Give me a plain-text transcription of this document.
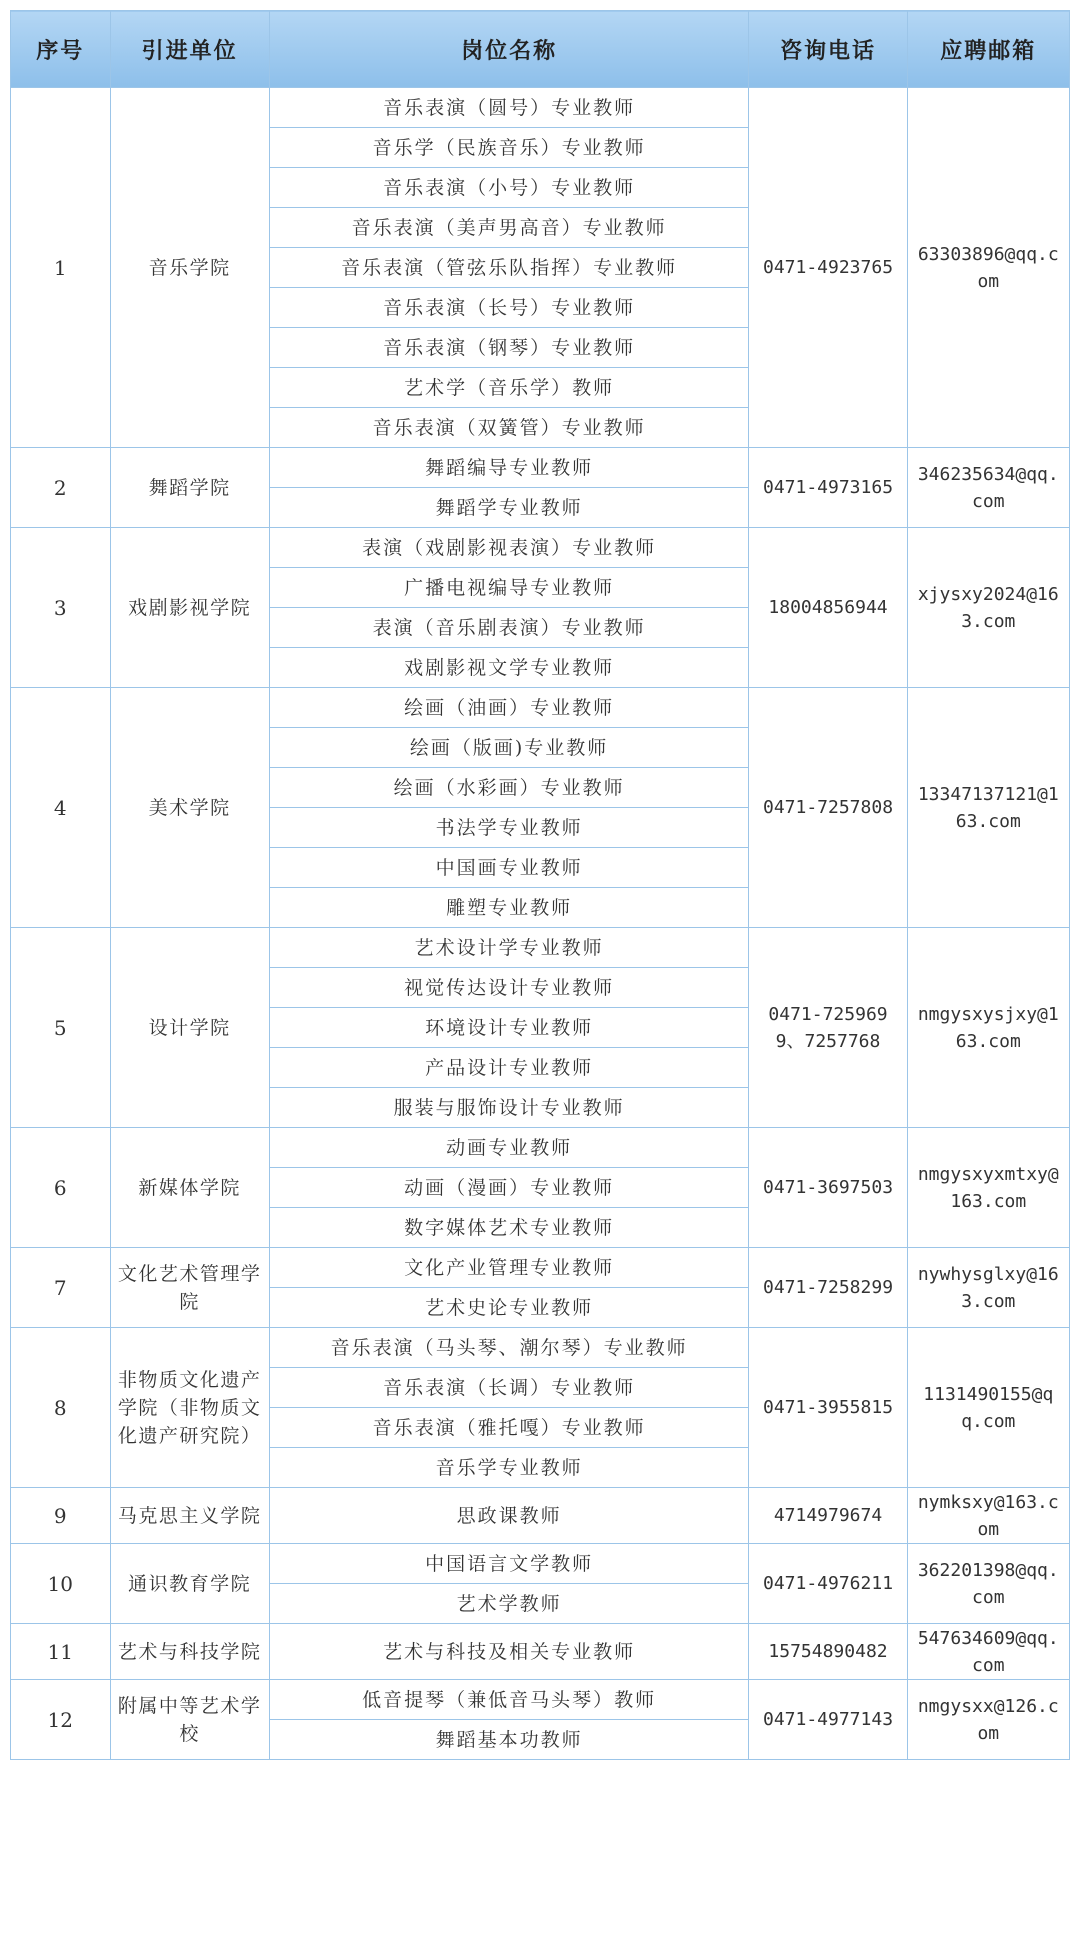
序号	引进单位	岗位名称	咨询电话	应聘邮箱
1	音乐学院	音乐表演（圆号）专业教师	0471-4923765	63303896@qq.com
		音乐学（民族音乐）专业教师		
		音乐表演（小号）专业教师		
		音乐表演（美声男高音）专业教师		
		音乐表演（管弦乐队指挥）专业教师		
		音乐表演（长号）专业教师		
		音乐表演（钢琴）专业教师		
		艺术学（音乐学）教师		
		音乐表演（双簧管）专业教师		
2	舞蹈学院	舞蹈编导专业教师	0471-4973165	346235634@qq.com
		舞蹈学专业教师		
3	戏剧影视学院	表演（戏剧影视表演）专业教师	18004856944	xjysxy2024@163.com
		广播电视编导专业教师		
		表演（音乐剧表演）专业教师		
		戏剧影视文学专业教师		
4	美术学院	绘画（油画）专业教师	0471-7257808	13347137121@163.com
		绘画（版画)专业教师		
		绘画（水彩画）专业教师		
		书法学专业教师		
		中国画专业教师		
		雕塑专业教师		
5	设计学院	艺术设计学专业教师	0471-7259699、7257768	nmgysxysjxy@163.com
		视觉传达设计专业教师		
		环境设计专业教师		
		产品设计专业教师		
		服装与服饰设计专业教师		
6	新媒体学院	动画专业教师	0471-3697503	nmgysxyxmtxy@163.com
		动画（漫画）专业教师		
		数字媒体艺术专业教师		
7	文化艺术管理学院	文化产业管理专业教师	0471-7258299	nywhysglxy@163.com
		艺术史论专业教师		
8	非物质文化遗产学院（非物质文化遗产研究院）	音乐表演（马头琴、潮尔琴）专业教师	0471-3955815	1131490155@qq.com
		音乐表演（长调）专业教师		
		音乐表演（雅托嘎）专业教师		
		音乐学专业教师		
9	马克思主义学院	思政课教师	4714979674	nymksxy@163.com
10	通识教育学院	中国语言文学教师	0471-4976211	362201398@qq.com
		艺术学教师		
11	艺术与科技学院	艺术与科技及相关专业教师	15754890482	547634609@qq.com
12	附属中等艺术学校	低音提琴（兼低音马头琴）教师	0471-4977143	nmgysxx@126.com
		舞蹈基本功教师		
